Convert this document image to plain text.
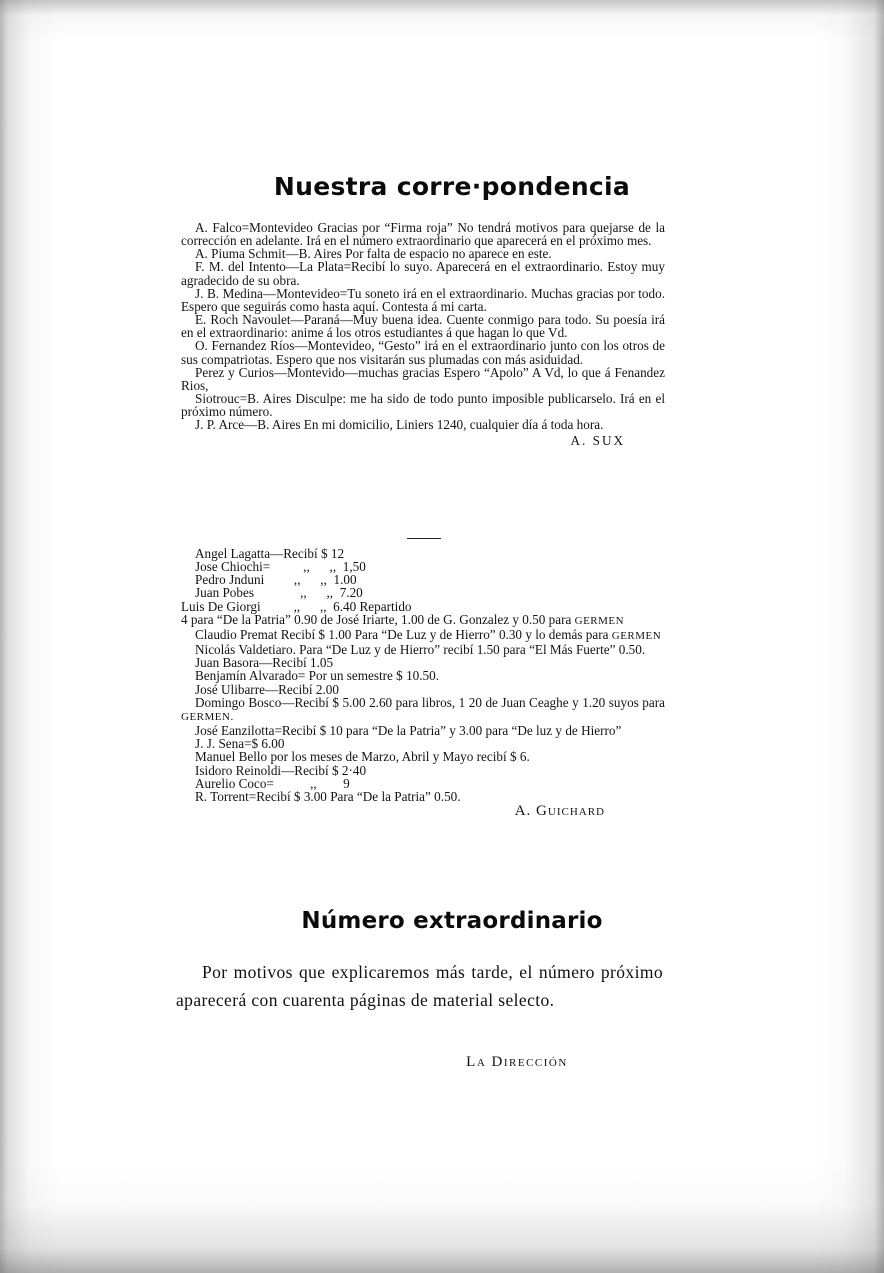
Nuestra corre·pondencia

A. Falco=Montevideo Gracias por “Firma roja” No tendrá motivos para quejarse de la corrección en adelante. Irá en el número extraordinario que aparecerá en el próximo mes.

A. Piuma Schmit—B. Aires Por falta de espacio no aparece en este.

F. M. del Intento—La Plata=Recibí lo suyo. Aparecerá en el extraordinario. Estoy muy agradecido de su obra.

J. B. Medina—Montevideo=Tu soneto irá en el extraordinario. Muchas gracias por todo. Espero que seguirás como hasta aquí. Contesta á mi carta.

E. Roch Navoulet—Paraná—Muy buena idea. Cuente conmigo para todo. Su poesía irá en el extraordinario: anime á los otros estudiantes á que hagan lo que Vd.

O. Fernandez Ríos—Montevideo, “Gesto” irá en el extraordinario junto con los otros de sus compatriotas. Espero que nos visitarán sus plumadas con más asiduidad.

Perez y Curios—Montevido—muchas gracias Espero “Apolo” A Vd, lo que á Fenandez Rios,

Siotrouc=B. Aires Disculpe: me ha sido de todo punto imposible publicarselo. Irá en el próximo número.

J. P. Arce—B. Aires En mi domicilio, Liniers 1240, cualquier día á toda hora.

A. SUX

Angel Lagatta—Recibí $ 12

Jose Chiochi=          ,,      ,,  1,50

Pedro Jnduni         ,,      ,,  1.00

Juan Pobes              ,,      ,,  7.20

Luis De Giorgi          ,,      ,,  6.40 Repartido

4 para “De la Patria” 0.90 de José Iriarte, 1.00 de G. Gonzalez y 0.50 para GERMEN

Claudio Premat Recibí $ 1.00 Para “De Luz y de Hierro” 0.30 y lo demás para GERMEN

Nicolás Valdetiaro. Para “De Luz y de Hierro” recibí 1.50 para “El Más Fuerte” 0.50.

Juan Basora—Recibí 1.05

Benjamín Alvarado= Por un semestre $ 10.50.

José Ulibarre—Recibí 2.00

Domingo Bosco—Recibí $ 5.00 2.60 para libros, 1 20 de Juan Ceaghe y 1.20 suyos para GERMEN.

José Eanzilotta=Recibí $ 10 para “De la Patria” y 3.00 para “De luz y de Hierro”

J. J. Sena=$ 6.00

Manuel Bello por los meses de Marzo, Abril y Mayo recibí $ 6.

Isidoro Reinoldi—Recibí $ 2·40

Aurelio Coco=           ,,        9

R. Torrent=Recibí $ 3.00 Para “De la Patria” 0.50.

A. Guichard

Número extraordinario

Por motivos que explicaremos más tarde, el número próximo aparecerá con cuarenta páginas de material selecto.

La Dirección
